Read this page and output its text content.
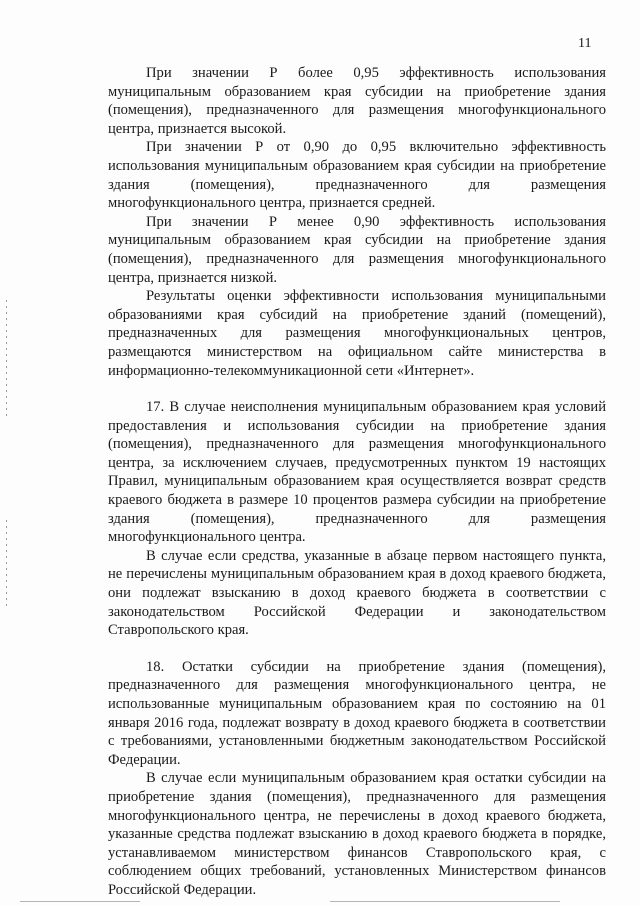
11

При значении Р более 0,95 эффективность использования муниципальным образованием края субсидии на приобретение здания (помещения), предназначенного для размещения многофункционального центра, признается высокой.

При значении Р от 0,90 до 0,95 включительно эффективность использования муниципальным образованием края субсидии на приобретение здания (помещения), предназначенного для размещения многофункционального центра, признается средней.

При значении Р менее 0,90 эффективность использования муниципальным образованием края субсидии на приобретение здания (помещения), предназначенного для размещения многофункционального центра, признается низкой.

Результаты оценки эффективности использования муниципальными образованиями края субсидий на приобретение зданий (помещений), предназначенных для размещения многофункциональных центров, размещаются министерством на официальном сайте министерства в информационно-телекоммуникационной сети «Интернет».

17. В случае неисполнения муниципальным образованием края условий предоставления и использования субсидии на приобретение здания (помещения), предназначенного для размещения многофункционального центра, за исключением случаев, предусмотренных пунктом 19 настоящих Правил, муниципальным образованием края осуществляется возврат средств краевого бюджета в размере 10 процентов размера субсидии на приобретение здания (помещения), предназначенного для размещения многофункционального центра.

В случае если средства, указанные в абзаце первом настоящего пункта, не перечислены муниципальным образованием края в доход краевого бюджета, они подлежат взысканию в доход краевого бюджета в соответствии с законодательством Российской Федерации и законодательством Ставропольского края.

18. Остатки субсидии на приобретение здания (помещения), предназначенного для размещения многофункционального центра, не использованные муниципальным образованием края по состоянию на 01 января 2016 года, подлежат возврату в доход краевого бюджета в соответствии с требованиями, установленными бюджетным законодательством Российской Федерации.

В случае если муниципальным образованием края остатки субсидии на приобретение здания (помещения), предназначенного для размещения многофункционального центра, не перечислены в доход краевого бюджета, указанные средства подлежат взысканию в доход краевого бюджета в порядке, устанавливаемом министерством финансов Ставропольского края, с соблюдением общих требований, установленных Министерством финансов Российской Федерации.
